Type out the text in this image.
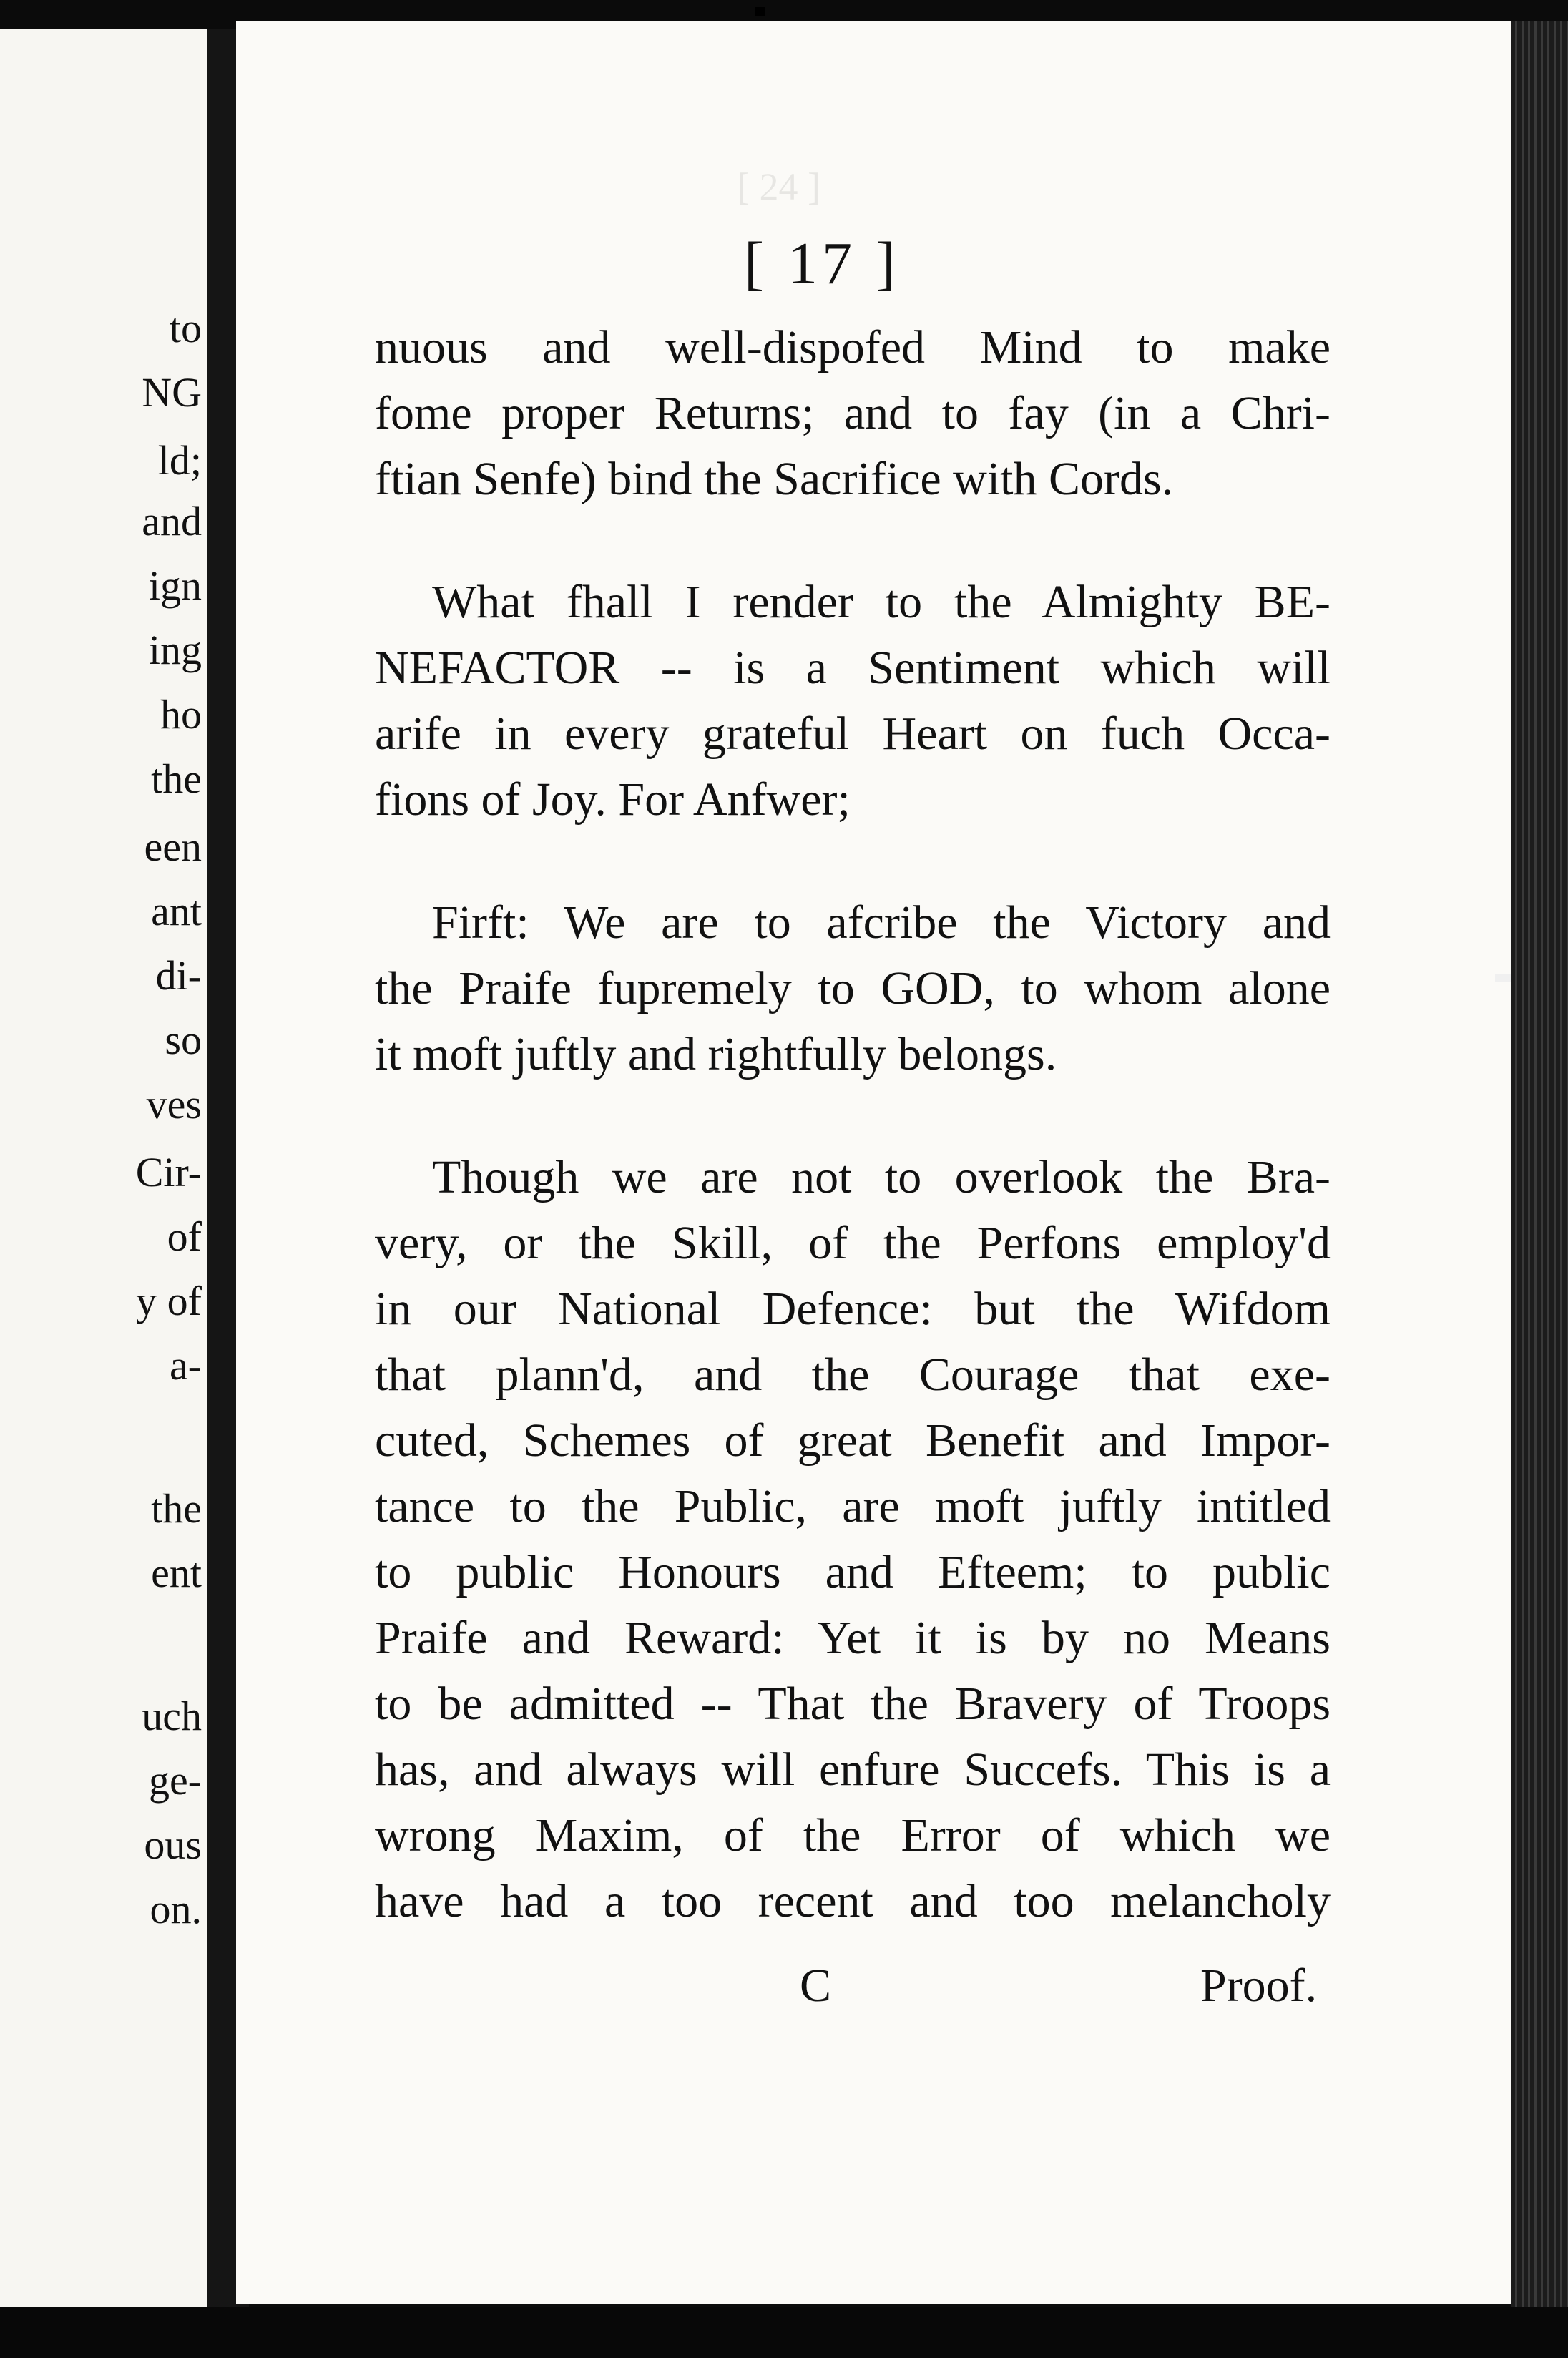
to
NG
ld;
and
ign
ing
ho
the
een
ant
di-
so
ves
Cir-
of
y of
a-
the
ent
uch
ge-
ous
on.
[ 24 ]
[ 17 ]
nuous and well-dispofed Mind to make
fome proper Returns; and to fay (in a Chri-
ftian Senfe) bind the Sacrifice with Cords.
What fhall I render to the Almighty BE-
NEFACTOR -- is a Sentiment which will
arife in every grateful Heart on fuch Occa-
fions of Joy. For Anfwer;
Firft: We are to afcribe the Victory and
the Praife fupremely to GOD, to whom alone
it moft juftly and rightfully belongs.
Though we are not to overlook the Bra-
very, or the Skill, of the Perfons employ'd
in our National Defence: but the Wifdom
that plann'd, and the Courage that exe-
cuted, Schemes of great Benefit and Impor-
tance to the Public, are moft juftly intitled
to public Honours and Efteem; to public
Praife and Reward: Yet it is by no Means
to be admitted -- That the Bravery of Troops
has, and always will enfure Succefs. This is a
wrong Maxim, of the Error of which we
have had a too recent and too melancholy
C	Proof.
